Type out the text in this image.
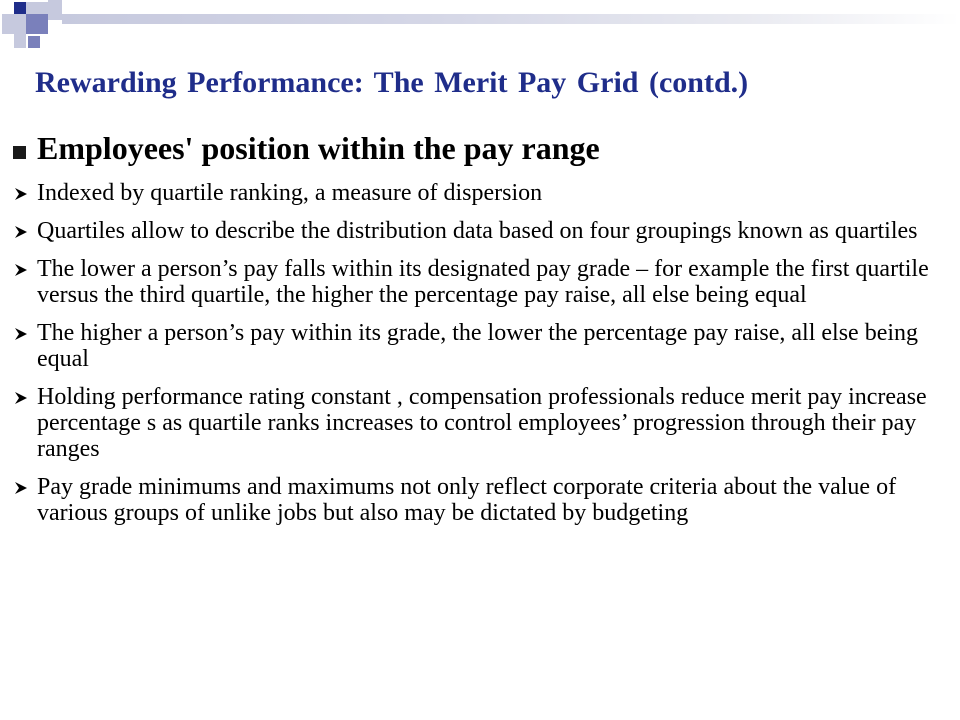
Rewarding Performance: The Merit Pay Grid (contd.)
Employees' position within the pay range
Indexed by quartile ranking, a measure of dispersion
Quartiles allow to describe the distribution data based on four groupings known as quartiles
The lower a person’s pay falls within its designated pay grade – for example the first quartile versus the third quartile, the higher the percentage pay raise, all else being equal
The higher a person’s pay within its grade, the lower the percentage pay raise, all else being equal
Holding performance rating constant , compensation professionals reduce merit pay increase percentage s as quartile ranks increases to control employees’ progression through their pay ranges
Pay grade minimums and maximums not only reflect corporate criteria about the value of various groups of unlike jobs but also may be dictated by budgeting
